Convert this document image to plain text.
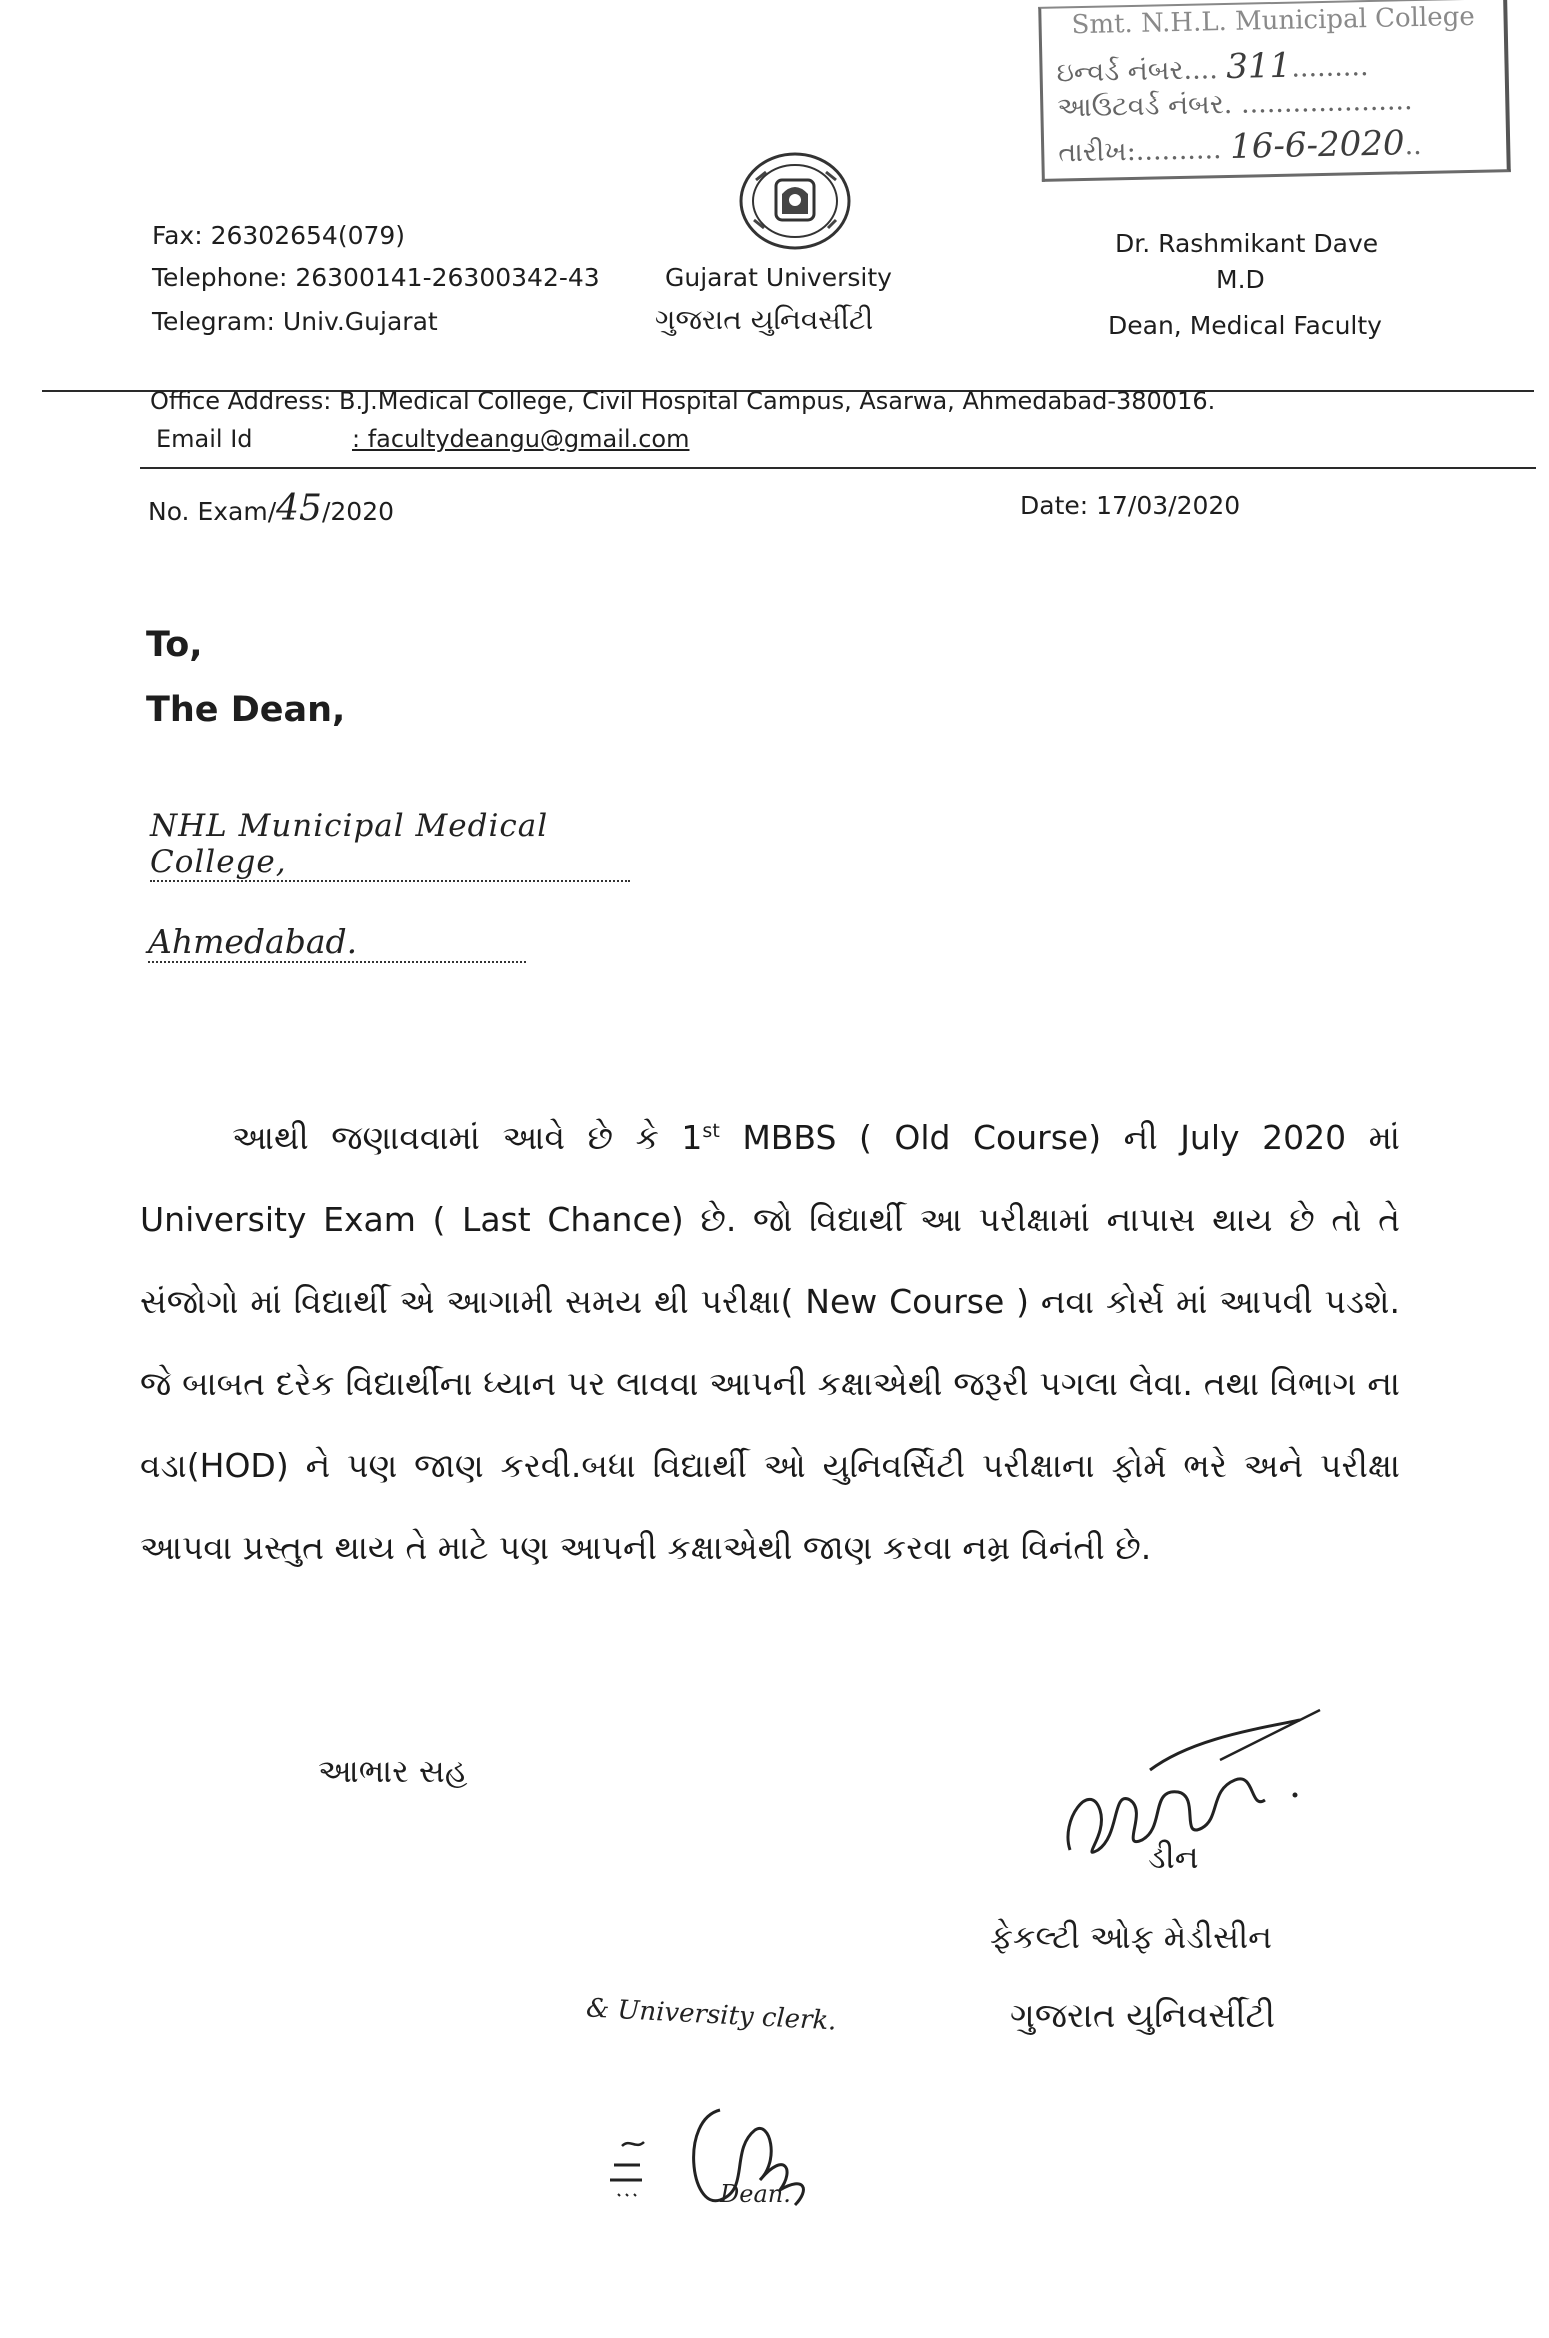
Smt. N.H.L. Municipal College
ઇન્વર્ડ નંબર.... 311.........
આઉટવર્ડ નંબર. ....................
તારીખ:.......... 16-6-2020..
Fax: 26302654(079)
Telephone: 26300141-26300342-43
Telegram: Univ.Gujarat
Gujarat University
ગુજરાત યુનિવર્સીટી
Dr. Rashmikant Dave
M.D
Dean, Medical Faculty
Office Address: B.J.Medical College, Civil Hospital Campus, Asarwa, Ahmedabad-380016.
Email Id	: facultydeangu@gmail.com
No. Exam/45/2020	Date: 17/03/2020
To,
The Dean,
NHL Municipal Medical College,
Ahmedabad.

આથી જણાવવામાં આવે છે કે 1st MBBS ( Old Course) ની July 2020 માં University Exam ( Last Chance) છે. જો વિદ્યાર્થી આ પરીક્ષામાં નાપાસ થાય છે તો તે સંજોગો માં વિદ્યાર્થી એ આગામી સમય થી પરીક્ષા( New Course ) નવા કોર્સ માં આપવી પડશે. જે બાબત દરેક વિદ્યાર્થીના ધ્યાન પર લાવવા આપની કક્ષાએથી જરૂરી પગલા લેવા. તથા વિભાગ ના વડા(HOD) ને પણ જાણ કરવી.બધા વિદ્યાર્થી ઓ યુનિવર્સિટી પરીક્ષાના ફોર્મ ભરે અને પરીક્ષા આપવા પ્રસ્તુત થાય તે માટે પણ આપની કક્ષાએથી જાણ કરવા નમ્ર વિનંતી છે.

આભાર સહ
ડીન
ફેકલ્ટી ઓફ મેડીસીન
ગુજરાત યુનિવર્સીટી
& University clerk.
Dean.
